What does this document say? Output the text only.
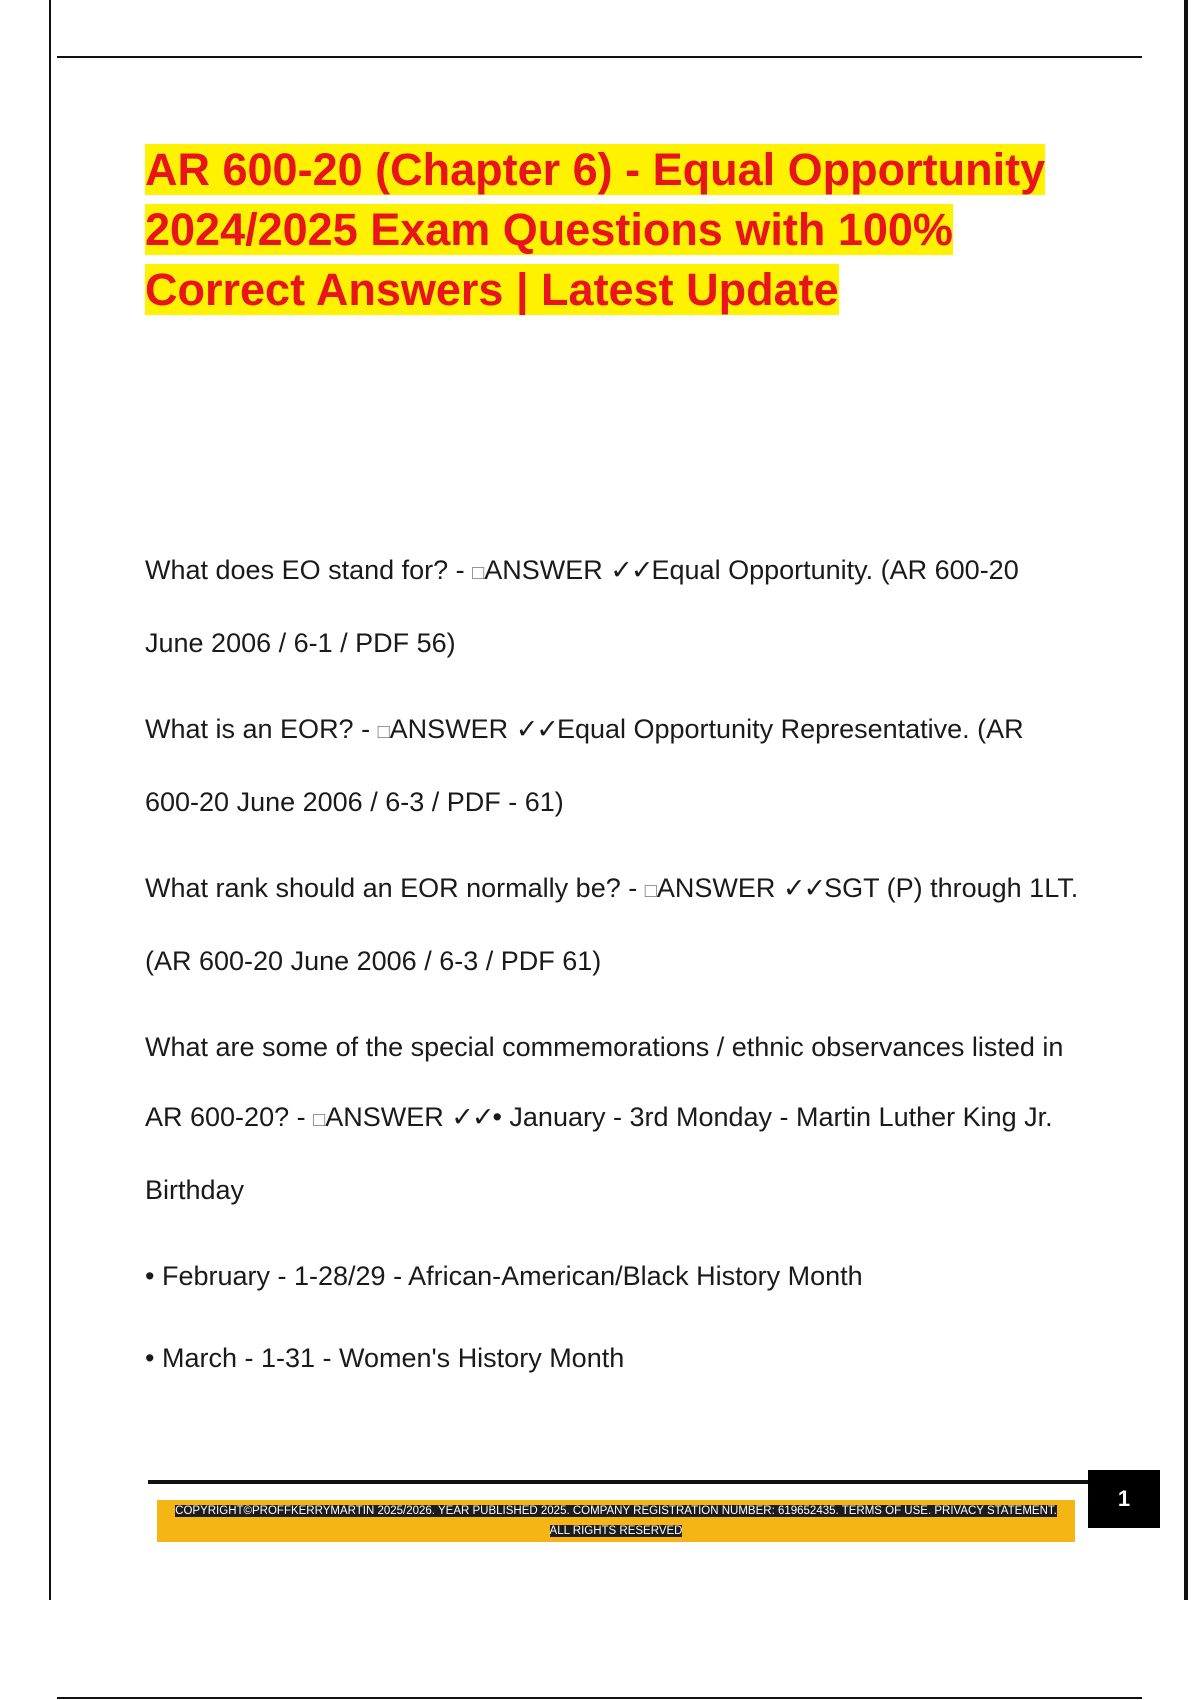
AR 600-20 (Chapter 6) - Equal Opportunity 2024/2025 Exam Questions with 100% Correct Answers | Latest Update

What does EO stand for? - □ANSWER ✓✓Equal Opportunity. (AR 600-20 June 2006 / 6-1 / PDF 56)

What is an EOR? - □ANSWER ✓✓Equal Opportunity Representative. (AR 600-20 June 2006 / 6-3 / PDF - 61)

What rank should an EOR normally be? - □ANSWER ✓✓SGT (P) through 1LT. (AR 600-20 June 2006 / 6-3 / PDF 61)

What are some of the special commemorations / ethnic observances listed in AR 600-20? - □ANSWER ✓✓• January - 3rd Monday - Martin Luther King Jr. Birthday

• February - 1-28/29 - African-American/Black History Month

• March - 1-31 - Women's History Month

COPYRIGHT©PROFFKERRYMARTIN 2025/2026. YEAR PUBLISHED 2025. COMPANY REGISTRATION NUMBER: 619652435. TERMS OF USE. PRIVACY STATEMENT. ALL RIGHTS RESERVED
1
